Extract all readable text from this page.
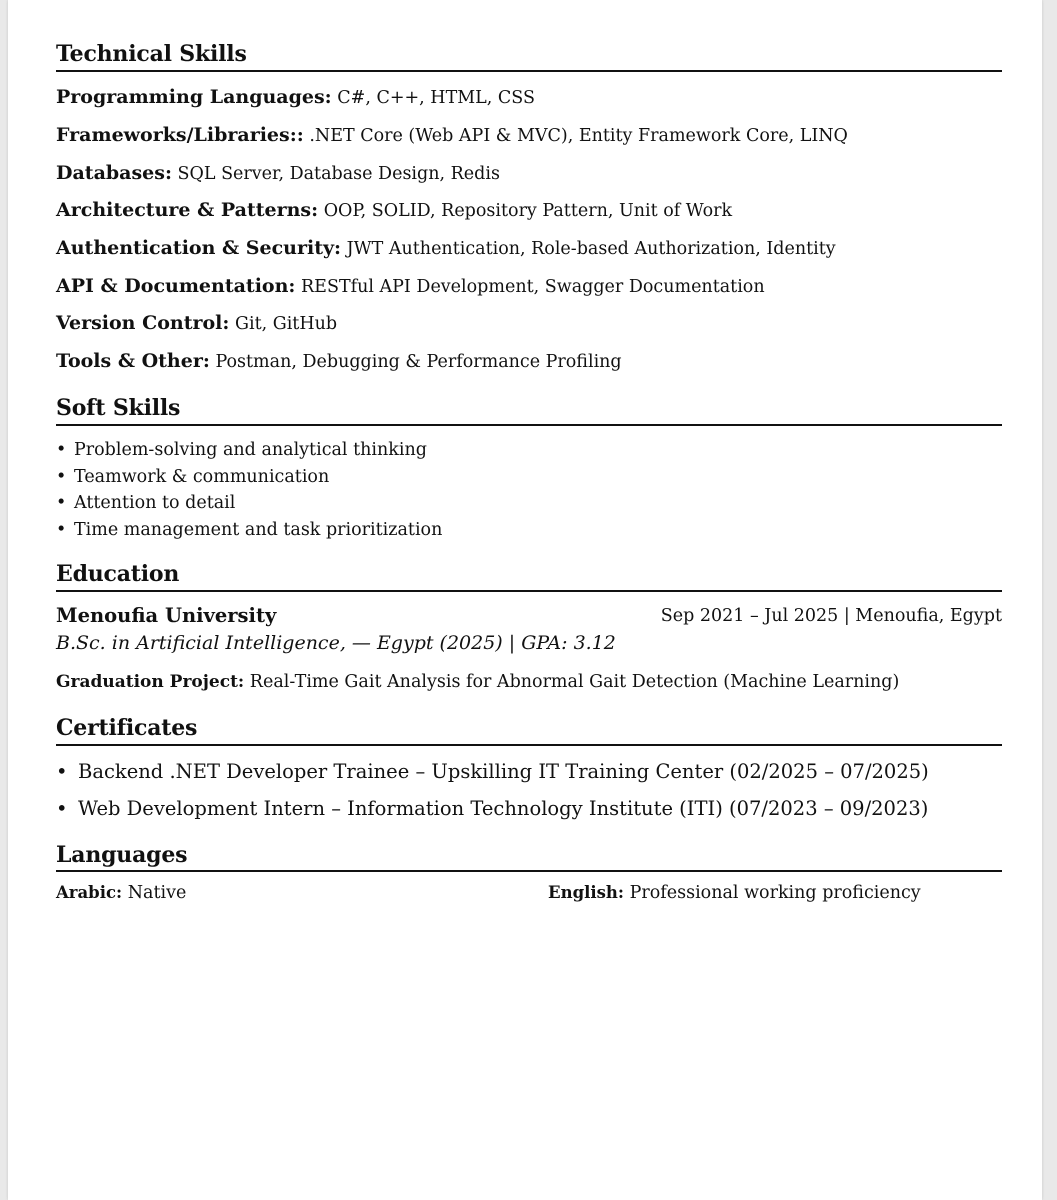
Technical Skills
Programming Languages: C#, C++, HTML, CSS
Frameworks/Libraries:: .NET Core (Web API & MVC), Entity Framework Core, LINQ
Databases: SQL Server, Database Design, Redis
Architecture & Patterns: OOP, SOLID, Repository Pattern, Unit of Work
Authentication & Security: JWT Authentication, Role-based Authorization, Identity
API & Documentation: RESTful API Development, Swagger Documentation
Version Control: Git, GitHub
Tools & Other: Postman, Debugging & Performance Profiling
Soft Skills
• Problem-solving and analytical thinking
• Teamwork & communication
• Attention to detail
• Time management and task prioritization
Education
Menoufia University	Sep 2021 – Jul 2025 | Menoufia, Egypt
B.Sc. in Artificial Intelligence, — Egypt (2025) | GPA: 3.12
Graduation Project: Real-Time Gait Analysis for Abnormal Gait Detection (Machine Learning)
Certificates
• Backend .NET Developer Trainee – Upskilling IT Training Center (02/2025 – 07/2025)
• Web Development Intern – Information Technology Institute (ITI) (07/2023 – 09/2023)
Languages
Arabic: Native	English: Professional working proficiency
